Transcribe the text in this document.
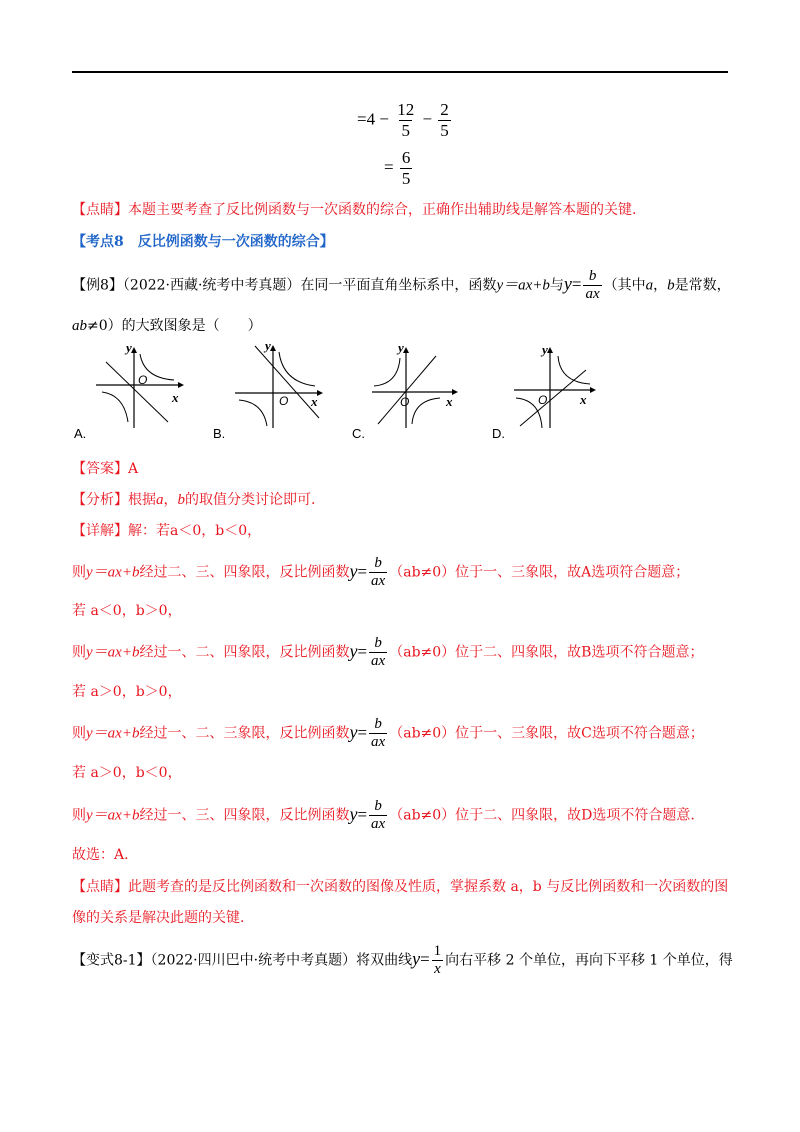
$=4 - \frac{12}{5} - \frac{2}{5}$
= $\frac{6}{5}$
【点睛】本题主要考查了反比例函数与一次函数的综合，正确作出辅助线是解答本题的关键.
【考点8　反比例函数与一次函数的综合】
【例8】（2022·西藏·统考中考真题）在同一平面直角坐标系中，函数y＝ax+b与$y= \frac{b}{ax}$ （其中a，b是常数，
ab≠0）的大致图象是（　　）
y
O
x
A.
y
O x
B.
y
O	x
C.
y
O	x
D.
【答案】A
【分析】根据a，b的取值分类讨论即可.
【详解】解：若a＜0，b＜0，
则y＝ax+b经过二、三、四象限，反比例函数$y= \frac{b}{ax} (ab\ne 0)$位于一、三象限，故A选项符合题意；
若 a＜0，b＞0，
则y＝ax+b经过一、二、四象限，反比例函数$y= \frac{b}{ax} (ab\ne 0)$位于二、四象限，故B选项不符合题意；
若 a＞0，b＞0，
则y＝ax+b经过一、二、三象限，反比例函数$y= \frac{b}{ax} (ab\ne 0)$位于一、三象限，故C选项不符合题意；
若 a＞0，b＜0，
则y＝ax+b经过一、三、四象限，反比例函数$y= \frac{b}{ax} (ab\ne 0)$位于二、四象限，故D选项不符合题意.
故选：A.
【点睛】此题考查的是反比例函数和一次函数的图像及性质，掌握系数 a，b 与反比例函数和一次函数的图
像的关系是解决此题的关键.
【变式8-1】（2022·四川巴中·统考中考真题）将双曲线$y= \frac{1}{x}$ 向右平移 2 个单位，再向下平移 1 个单位，得
